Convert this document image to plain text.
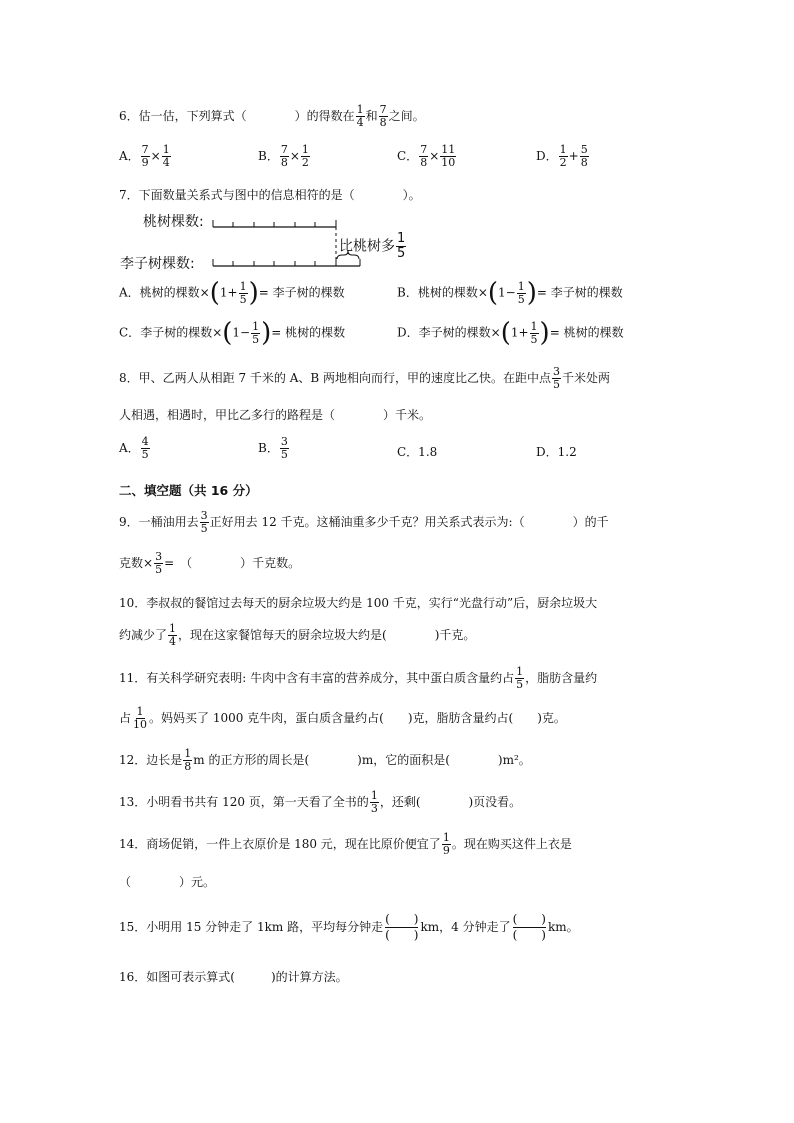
6．估一估，下列算式（	）的得数在 $\frac{1}{4}$ 和 $\frac{7}{8}$ 之间。
A． $\frac{7}{9} \times \frac{1}{4}$	B． $\frac{7}{8} \times \frac{1}{2}$	C． $\frac{7}{8} \times \frac{11}{10}$	D． $\frac{1}{2} + \frac{5}{8}$
7．下面数量关系式与图中的信息相符的是（　　　　）。
桃树棵数:
李子树棵数:
比桃树多 $\frac{1}{5}$
A．桃树的棵数$\times(1+ \frac{1}{5}$ )= 李子树的棵数	B．桃树的棵数$\times(1- \frac{1}{5}$ )= 李子树的棵数
C．李子树的棵数$\times(1- \frac{1}{5}$ )= 桃树的棵数	D．李子树的棵数$\times(1+ \frac{1}{5}$ )= 桃树的棵数
8．甲、乙两人从相距 7 千米的 A、B 两地相向而行，甲的速度比乙快。在距中点 $\frac{3}{5}$ 千米处两
人相遇，相遇时，甲比乙多行的路程是（　　　　）千米。
A． $\frac{4}{5}$	B． $\frac{3}{5}$	C．1.8	D．1.2
二、填空题（共 16 分）
9．一桶油用去 $\frac{3}{5}$ 正好用去 12 千克。这桶油重多少千克？用关系式表示为:（　　　　）的千
克数× $\frac{3}{5}$ =　（　　　　）千克数。
10．李叔叔的餐馆过去每天的厨余垃圾大约是 100 千克，实行“光盘行动”后，厨余垃圾大
约减少了 $\frac{1}{4}$ ，现在这家餐馆每天的厨余垃圾大约是(　　　　)千克。
11．有关科学研究表明: 牛肉中含有丰富的营养成分，其中蛋白质含量约占 $\frac{1}{5}$ ，脂肪含量约
占 $\frac{1}{10}$ 。妈妈买了 1000 克牛肉，蛋白质含量约占(　　)克，脂肪含量约占(　　)克。
12．边长是 $\frac{1}{8}$ m 的正方形的周长是(　　　　)m，它的面积是(　　　　)m²。
13．小明看书共有 120 页，第一天看了全书的 $\frac{1}{3}$ ，还剩(　　　　)页没看。
14．商场促销，一件上衣原价是 180 元，现在比原价便宜了 $\frac{1}{9}$ 。现在购买这件上衣是
（　　　　）元。
15．小明用 15 分钟走了 1km 路，平均每分钟走
(　　)
(　　)
km，4 分钟走了
(　　)
(　　)
km。
16．如图可表示算式(　　　)的计算方法。
